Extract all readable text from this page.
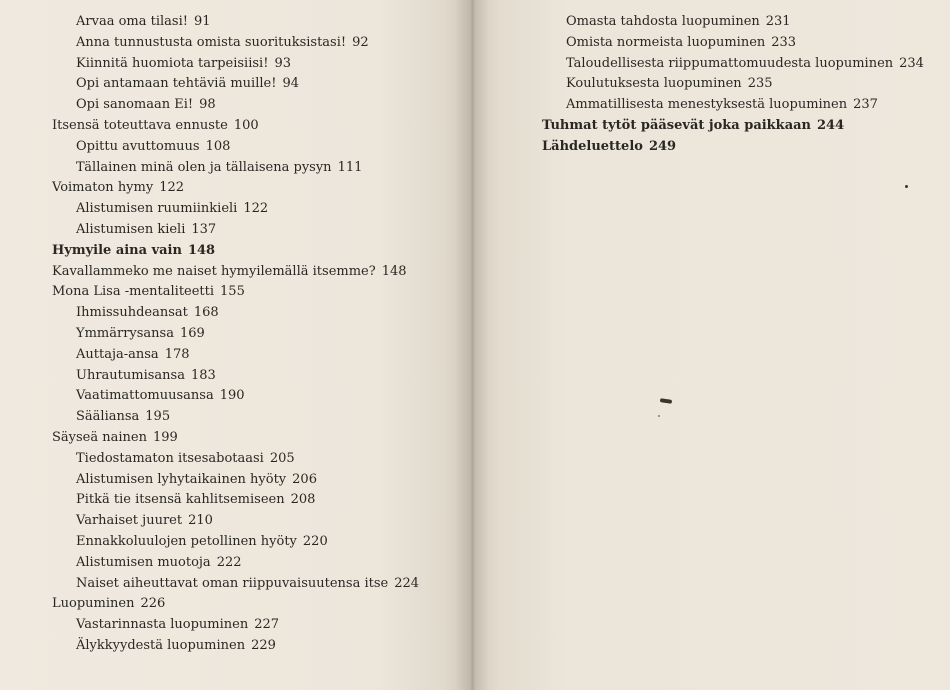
Arvaa oma tilasi! 91
Anna tunnustusta omista suorituksistasi! 92
Kiinnitä huomiota tarpeisiisi! 93
Opi antamaan tehtäviä muille! 94
Opi sanomaan Ei! 98
Itsensä toteuttava ennuste 100
Opittu avuttomuus 108
Tällainen minä olen ja tällaisena pysyn 111
Voimaton hymy 122
Alistumisen ruumiinkieli 122
Alistumisen kieli 137
Hymyile aina vain 148
Kavallammeko me naiset hymyilemällä itsemme? 148
Mona Lisa -mentaliteetti 155
Ihmissuhdeansat 168
Ymmärrysansa 169
Auttaja-ansa 178
Uhrautumisansa 183
Vaatimattomuusansa 190
Sääliansa 195
Säyseä nainen 199
Tiedostamaton itsesabotaasi 205
Alistumisen lyhytaikainen hyöty 206
Pitkä tie itsensä kahlitsemiseen 208
Varhaiset juuret 210
Ennakkoluulojen petollinen hyöty 220
Alistumisen muotoja 222
Naiset aiheuttavat oman riippuvaisuutensa itse 224
Luopuminen 226
Vastarinnasta luopuminen 227
Älykkyydestä luopuminen 229
Omasta tahdosta luopuminen 231
Omista normeista luopuminen 233
Taloudellisesta riippumattomuudesta luopuminen 234
Koulutuksesta luopuminen 235
Ammatillisesta menestyksestä luopuminen 237
Tuhmat tytöt pääsevät joka paikkaan 244
Lähdeluettelo 249
